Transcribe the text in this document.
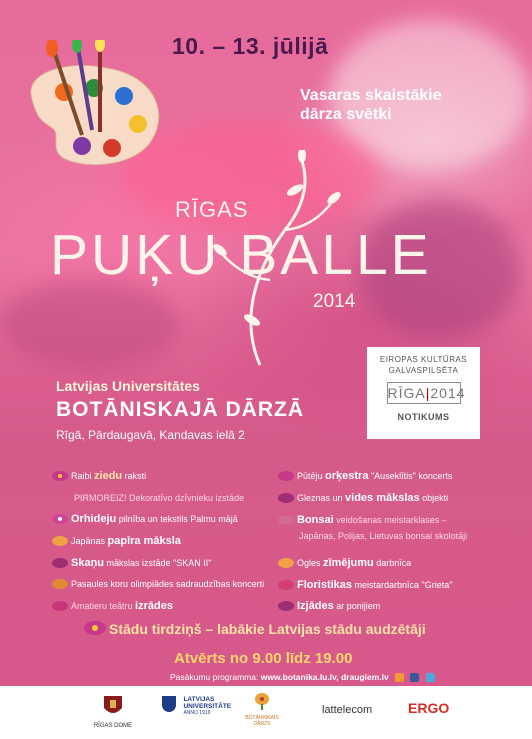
10. – 13. jūlijā
Vasaras skaistākie
dārza svētki
RĪGAS
PUĶU BALLE
2014
EIROPAS KULTŪRAS
GALVASPILSĒTA
RĪGA|2014
NOTIKUMS
Latvijas Universitātes
BOTĀNISKAJĀ DĀRZĀ
Rīgā, Pārdaugavā, Kandavas ielā 2
Raibi ziedu raksti
PIRMOREIZ! Dekoratīvo dzīvnieku izstāde
Orhideju pilnība un tekstils Palmu mājā
Japānas papīra māksla
Skaņu mākslas izstāde "SKAN II"
Pasaules koru olimpiādes sadraudzības koncerti
Amatieru teātru izrādes
Pūtēju orķestra "Auseklītis" koncerts
Gleznas un vides mākslas objekti
Bonsai veidošanas meistarklases –
Japānas, Polijas, Lietuvas bonsai skolotāji
Ogles zīmējumu darbnīca
Floristikas meistardarbnīca "Grieta"
Izjādes ar ponijiem
Stādu tirdziņš – labākie Latvijas stādu audzētāji
Atvērts no 9.00 līdz 19.00
Pasākumu programma: www.botanika.lu.lv, draugiem.lv
RĪGAS DOME

LATVIJAS
UNIVERSITĀTE
ANNO 1919
BOTĀNISKAIS
DĀRZS
lattelecom	ERGO
